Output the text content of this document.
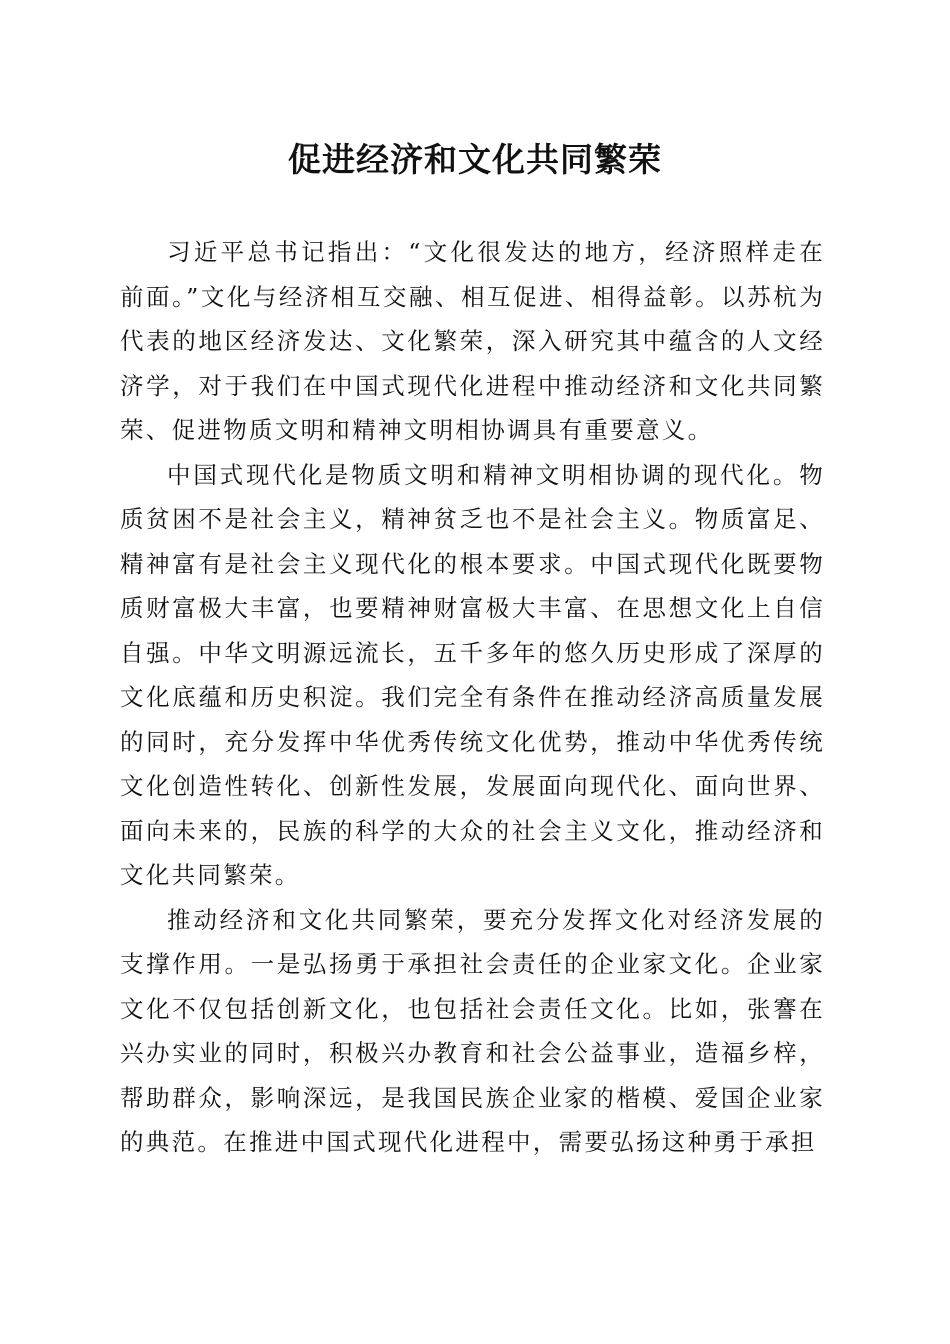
促进经济和文化共同繁荣

习近平总书记指出：“文化很发达的地方，经济照样走在前面。”文化与经济相互交融、相互促进、相得益彰。以苏杭为代表的地区经济发达、文化繁荣，深入研究其中蕴含的人文经济学，对于我们在中国式现代化进程中推动经济和文化共同繁荣、促进物质文明和精神文明相协调具有重要意义。

中国式现代化是物质文明和精神文明相协调的现代化。物质贫困不是社会主义，精神贫乏也不是社会主义。物质富足、精神富有是社会主义现代化的根本要求。中国式现代化既要物质财富极大丰富，也要精神财富极大丰富、在思想文化上自信自强。中华文明源远流长，五千多年的悠久历史形成了深厚的文化底蕴和历史积淀。我们完全有条件在推动经济高质量发展的同时，充分发挥中华优秀传统文化优势，推动中华优秀传统文化创造性转化、创新性发展，发展面向现代化、面向世界、面向未来的，民族的科学的大众的社会主义文化，推动经济和文化共同繁荣。

推动经济和文化共同繁荣，要充分发挥文化对经济发展的支撑作用。一是弘扬勇于承担社会责任的企业家文化。企业家文化不仅包括创新文化，也包括社会责任文化。比如，张謇在兴办实业的同时，积极兴办教育和社会公益事业，造福乡梓，帮助群众，影响深远，是我国民族企业家的楷模、爱国企业家的典范。在推进中国式现代化进程中，需要弘扬这种勇于承担
